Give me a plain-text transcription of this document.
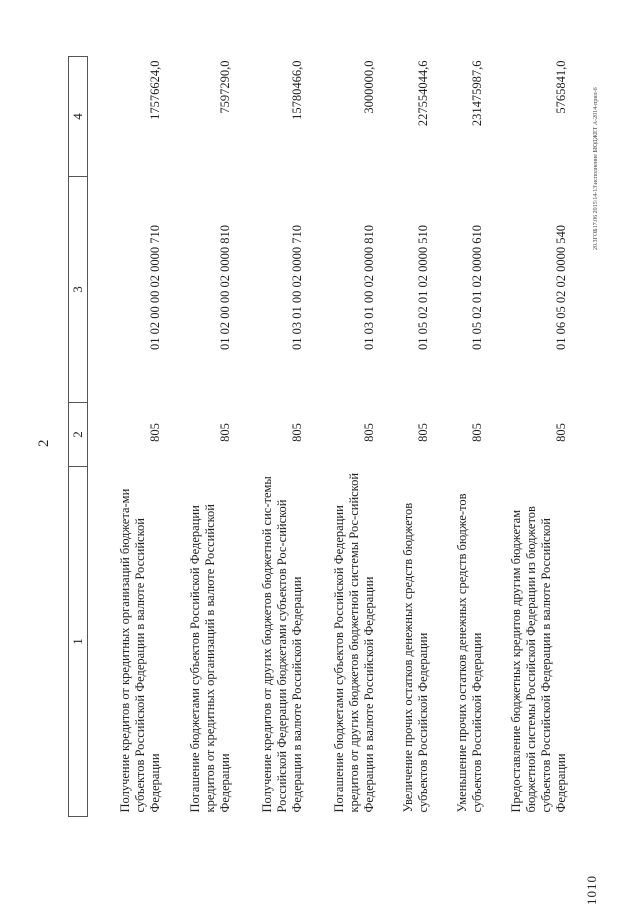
2
1	2	3	4

Получение кредитов от кредитных организаций бюджета-ми субъектов Российской Федерации в валюте Российской Федерации	805	01 02 00 00 02 0000 710	17576624,0

Погашение бюджетами субъектов Российской Федерации кредитов от кредитных организаций в валюте Российской Федерации	805	01 02 00 00 02 0000 810	7597290,0

Получение кредитов от других бюджетов бюджетной сис-темы Российской Федерации бюджетами субъектов Рос-сийской Федерации в валюте Российской Федерации	805	01 03 01 00 02 0000 710	15780466,0

Погашение бюджетами субъектов Российской Федерации кредитов от других бюджетов бюджетной системы Рос-сийской Федерации в валюте Российской Федерации	805	01 03 01 00 02 0000 810	3000000,0

Увеличение прочих остатков денежных средств бюджетов субъектов Российской Федерации	805	01 05 02 01 02 0000 510	227554044,6

Уменьшение прочих остатков денежных средств бюдже-тов субъектов Российской Федерации	805	01 05 02 01 02 0000 610	231475987,6

Предоставление бюджетных кредитов другим бюджетам бюджетной системы Российской Федерации из бюджетов субъектов Российской Федерации в валюте Российской Федерации	805	01 06 05 02 02 0000 540	5765841,0
1010
20.3ГОБ17.06 2015\14-13\исполнение БЮДЖЕТ А-2014-прил-6
